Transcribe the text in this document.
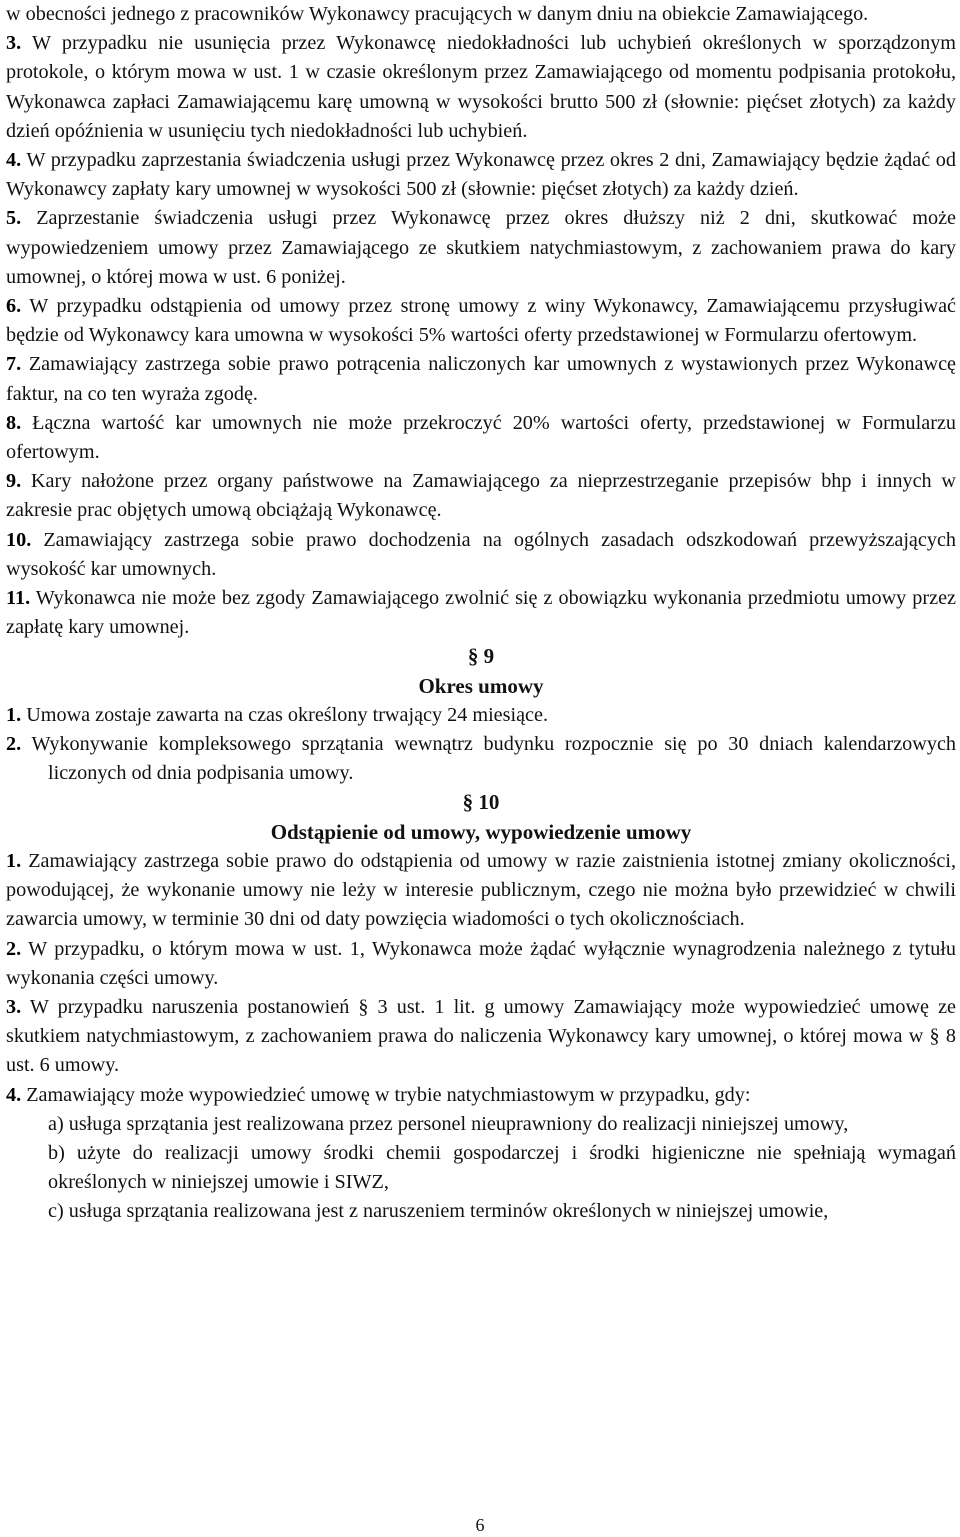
w obecności jednego z pracowników Wykonawcy pracujących w danym dniu na obiekcie Zamawiającego.

3. W przypadku nie usunięcia przez Wykonawcę niedokładności lub uchybień określonych w sporządzonym protokole, o którym mowa w ust. 1 w czasie określonym przez Zamawiającego od momentu podpisania protokołu, Wykonawca zapłaci Zamawiającemu karę umowną w wysokości brutto 500 zł (słownie: pięćset złotych) za każdy dzień opóźnienia w usunięciu tych niedokładności lub uchybień.

4. W przypadku zaprzestania świadczenia usługi przez Wykonawcę przez okres 2 dni, Zamawiający będzie żądać od Wykonawcy zapłaty kary umownej w wysokości 500 zł (słownie: pięćset złotych) za każdy dzień.

5. Zaprzestanie świadczenia usługi przez Wykonawcę przez okres dłuższy niż 2 dni, skutkować może wypowiedzeniem umowy przez Zamawiającego ze skutkiem natychmiastowym, z zachowaniem prawa do kary umownej, o której mowa w ust. 6 poniżej.

6. W przypadku odstąpienia od umowy przez stronę umowy z winy Wykonawcy, Zamawiającemu przysługiwać będzie od Wykonawcy kara umowna w wysokości 5% wartości oferty przedstawionej w Formularzu ofertowym.

7. Zamawiający zastrzega sobie prawo potrącenia naliczonych kar umownych z wystawionych przez Wykonawcę faktur, na co ten wyraża zgodę.

8. Łączna wartość kar umownych nie może przekroczyć 20% wartości oferty, przedstawionej w Formularzu ofertowym.

9. Kary nałożone przez organy państwowe na Zamawiającego za nieprzestrzeganie przepisów bhp i innych w zakresie prac objętych umową obciążają Wykonawcę.

10. Zamawiający zastrzega sobie prawo dochodzenia na ogólnych zasadach odszkodowań przewyższających wysokość kar umownych.

11. Wykonawca nie może bez zgody Zamawiającego zwolnić się z obowiązku wykonania przedmiotu umowy przez zapłatę kary umownej.

§ 9

Okres umowy

1. Umowa zostaje zawarta na czas określony trwający 24 miesiące.

2. Wykonywanie kompleksowego sprzątania wewnątrz budynku rozpocznie się po 30 dniach kalendarzowych liczonych od dnia podpisania umowy.

§ 10

Odstąpienie od umowy, wypowiedzenie umowy

1. Zamawiający zastrzega sobie prawo do odstąpienia od umowy w razie zaistnienia istotnej zmiany okoliczności, powodującej, że wykonanie umowy nie leży w interesie publicznym, czego nie można było przewidzieć w chwili zawarcia umowy, w terminie 30 dni od daty powzięcia wiadomości o tych okolicznościach.

2. W przypadku, o którym mowa w ust. 1, Wykonawca może żądać wyłącznie wynagrodzenia należnego z tytułu wykonania części umowy.

3. W przypadku naruszenia postanowień § 3 ust. 1 lit. g umowy Zamawiający może wypowiedzieć umowę ze skutkiem natychmiastowym, z zachowaniem prawa do naliczenia Wykonawcy kary umownej, o której mowa w § 8 ust. 6 umowy.

4. Zamawiający może wypowiedzieć umowę w trybie natychmiastowym w przypadku, gdy:

a) usługa sprzątania jest realizowana przez personel nieuprawniony do realizacji niniejszej umowy,

b) użyte do realizacji umowy środki chemii gospodarczej i środki higieniczne nie spełniają wymagań określonych w niniejszej umowie i SIWZ,

c) usługa sprzątania realizowana jest z naruszeniem terminów określonych w niniejszej umowie,

6
